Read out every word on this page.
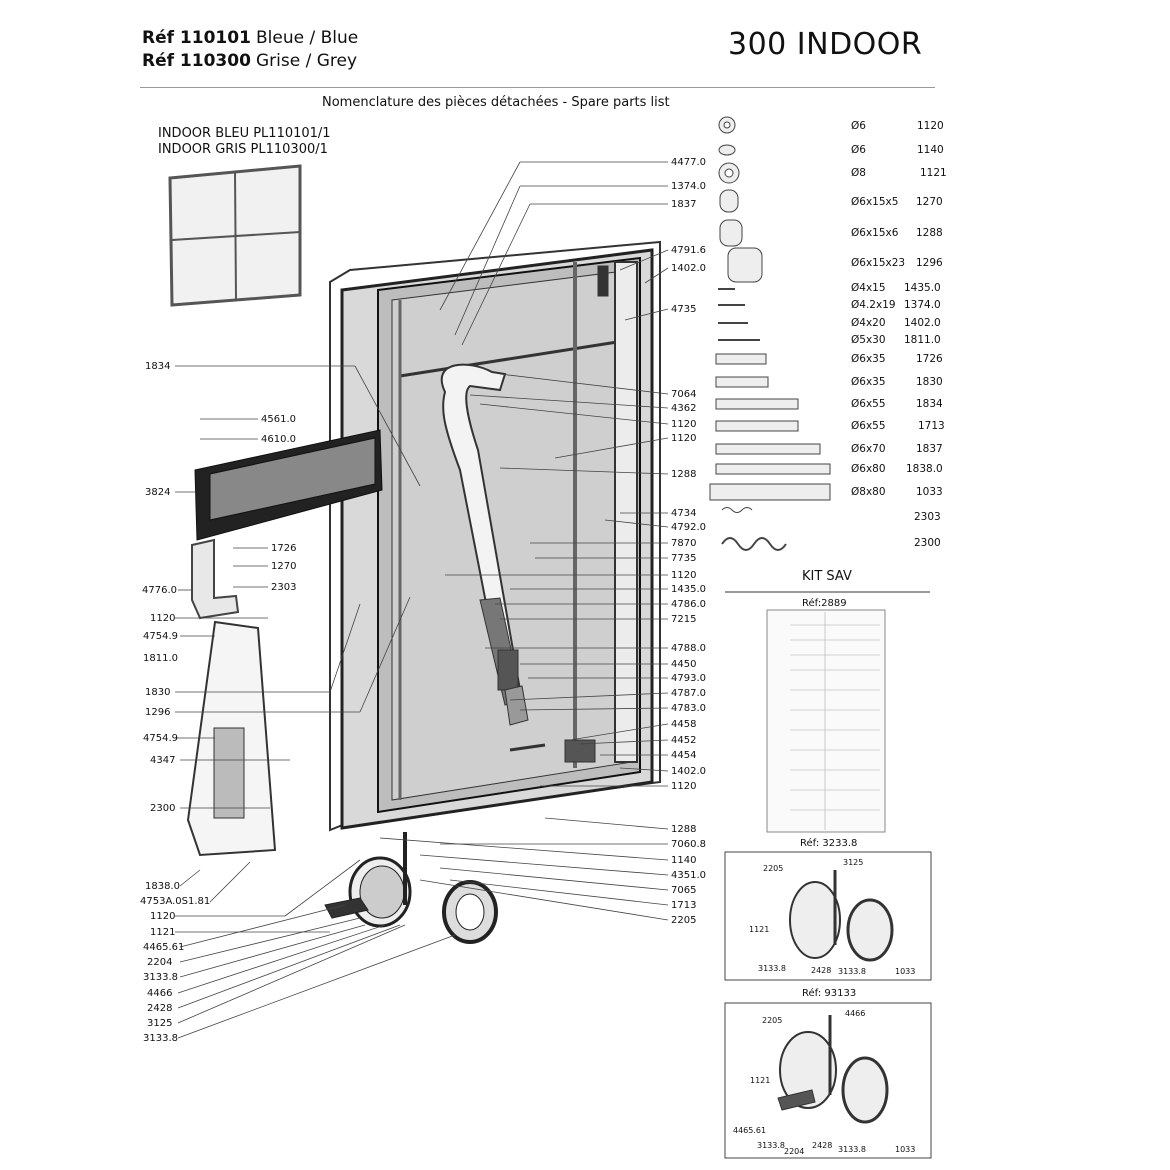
Réf 110101 Bleue / Blue
Réf 110300 Grise / Grey	300 INDOOR
Nomenclature des pièces détachées - Spare parts list
INDOOR BLEU PL110101/1
INDOOR GRIS PL110300/1
1834
4561.0
4610.0
3824
1726
1270
2303
4776.0
1120
4754.9
1811.0
1830
1296
4754.9
4347
2300
1838.0
4753A.0S1.81
1120
1121
4465.61
2204
3133.8
4466
2428
3125
3133.8
4477.0
1374.0
1837
4791.6
1402.0
4735
7064
4362
1120
1120
1288
4734
4792.0
7870
7735
1120
1435.0
4786.0
7215
4788.0
4450
4793.0
4787.0
4783.0
4458
4452
4454
1402.0
1120
1288
7060.8
1140
4351.0
7065
1713
2205
Ø6	1120
Ø6	1140
Ø8	1121
Ø6x15x5 1270
Ø6x15x6 1288
Ø6x15x23 1296
Ø4x15 1435.0
Ø4.2x19 1374.0
Ø4x20 1402.0
Ø5x30 1811.0
Ø6x35	1726
Ø6x35	1830
Ø6x55	1834
Ø6x55	1713
Ø6x70	1837
Ø6x80 1838.0
Ø8x80	1033
2303
2300
KIT SAV
Réf:2889
Réf: 3233.8
Réf: 93133
2205
3125
1121
3133.8	2428 3133.8	1033
2205
4466
1121
4465.61
3133.8
2204
2428 3133.8	1033
